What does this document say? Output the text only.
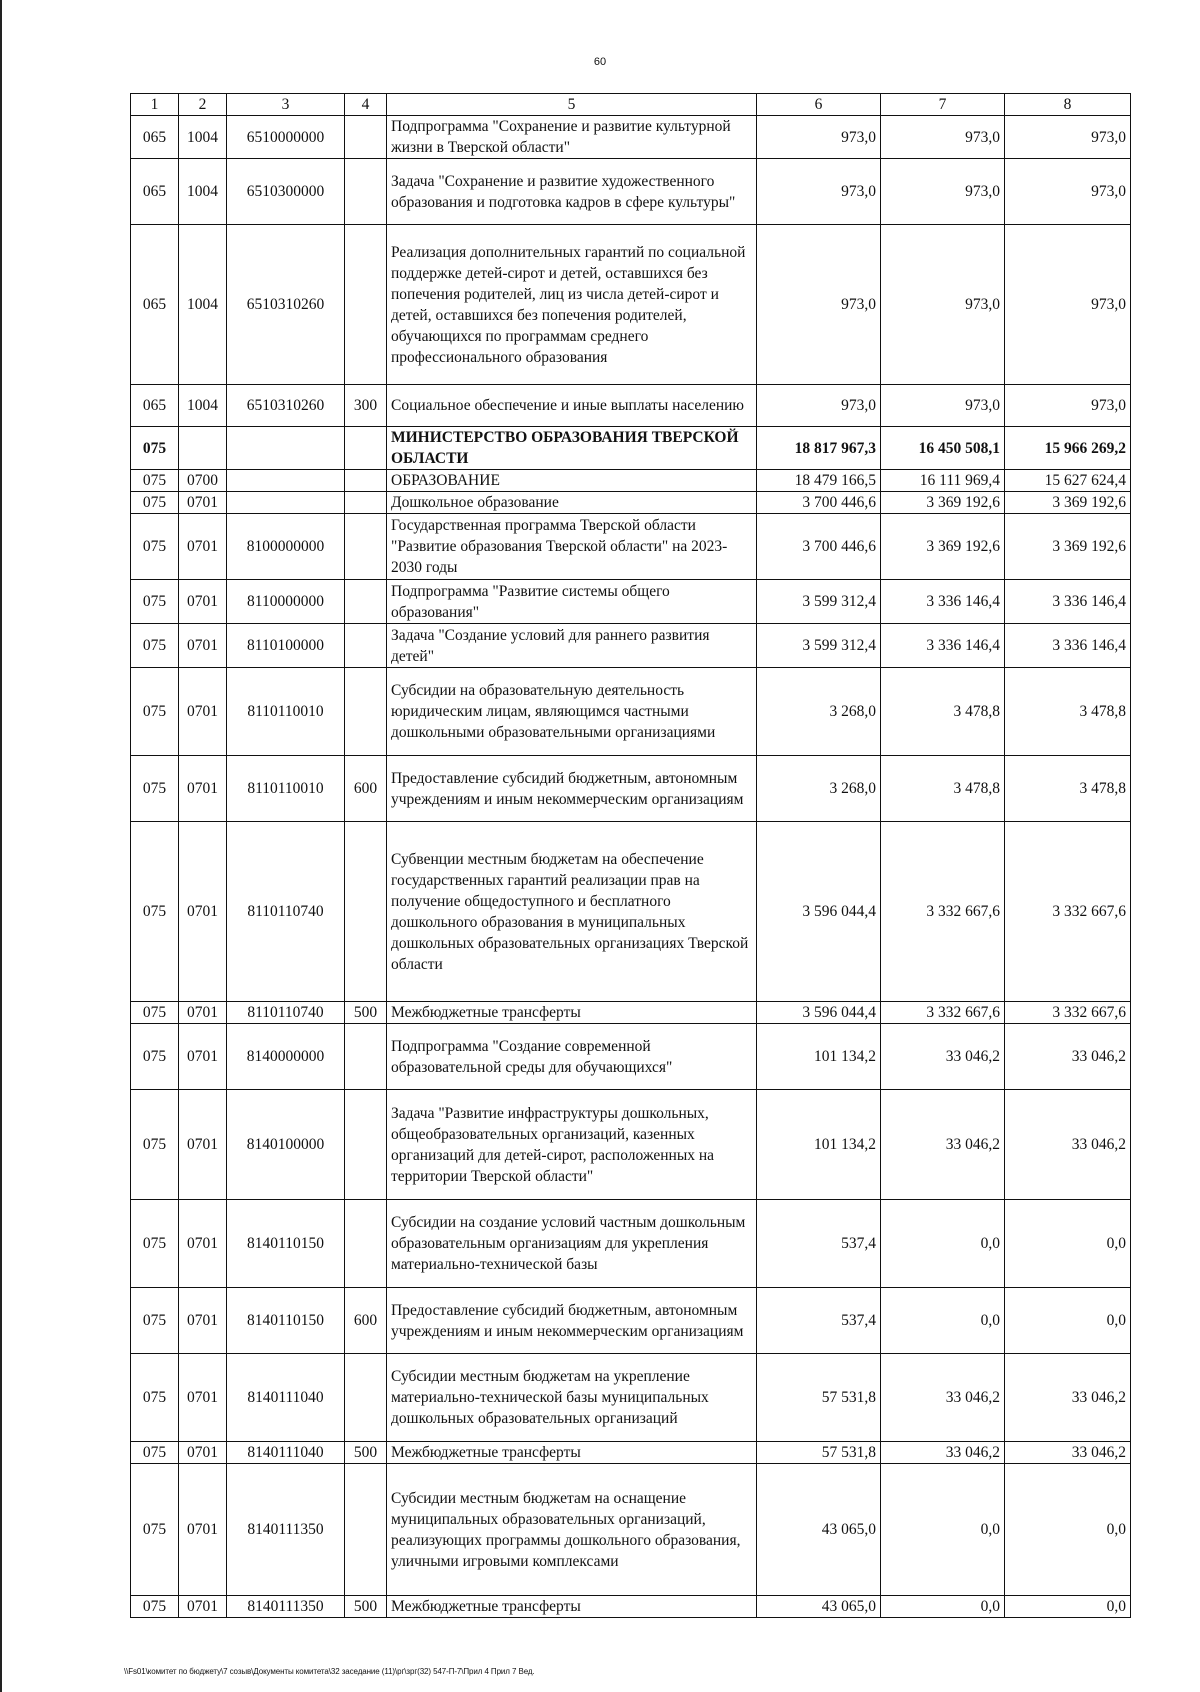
60
1	2	3	4	5	6	7	8
065	1004	6510000000		Подпрограмма "Сохранение и развитие культурной жизни в Тверской области"	973,0	973,0	973,0
065	1004	6510300000		Задача "Сохранение и развитие художественного образования и подготовка кадров в сфере культуры"	973,0	973,0	973,0
065	1004	6510310260		Реализация дополнительных гарантий по социальной поддержке детей-сирот и детей, оставшихся без попечения родителей, лиц из числа детей-сирот и детей, оставшихся без попечения родителей, обучающихся по программам среднего профессионального образования	973,0	973,0	973,0
065	1004	6510310260	300	Социальное обеспечение и иные выплаты населению	973,0	973,0	973,0
075				МИНИСТЕРСТВО ОБРАЗОВАНИЯ ТВЕРСКОЙ ОБЛАСТИ	18 817 967,3	16 450 508,1	15 966 269,2
075	0700			ОБРАЗОВАНИЕ	18 479 166,5	16 111 969,4	15 627 624,4
075	0701			Дошкольное образование	3 700 446,6	3 369 192,6	3 369 192,6
075	0701	8100000000		Государственная программа Тверской области "Развитие образования Тверской области" на 2023-2030 годы	3 700 446,6	3 369 192,6	3 369 192,6
075	0701	8110000000		Подпрограмма "Развитие системы общего образования"	3 599 312,4	3 336 146,4	3 336 146,4
075	0701	8110100000		Задача "Создание условий для раннего развития детей"	3 599 312,4	3 336 146,4	3 336 146,4
075	0701	8110110010		Субсидии на образовательную деятельность юридическим лицам, являющимся частными дошкольными образовательными организациями	3 268,0	3 478,8	3 478,8
075	0701	8110110010	600	Предоставление субсидий бюджетным, автономным учреждениям и иным некоммерческим организациям	3 268,0	3 478,8	3 478,8
075	0701	8110110740		Субвенции местным бюджетам на обеспечение государственных гарантий реализации прав на получение общедоступного и бесплатного дошкольного образования в муниципальных дошкольных образовательных организациях Тверской области	3 596 044,4	3 332 667,6	3 332 667,6
075	0701	8110110740	500	Межбюджетные трансферты	3 596 044,4	3 332 667,6	3 332 667,6
075	0701	8140000000		Подпрограмма "Создание современной образовательной среды для обучающихся"	101 134,2	33 046,2	33 046,2
075	0701	8140100000		Задача "Развитие инфраструктуры дошкольных, общеобразовательных организаций, казенных организаций для детей-сирот, расположенных на территории Тверской области"	101 134,2	33 046,2	33 046,2
075	0701	8140110150		Субсидии на создание условий частным дошкольным образовательным организациям для укрепления материально-технической базы	537,4	0,0	0,0
075	0701	8140110150	600	Предоставление субсидий бюджетным, автономным учреждениям и иным некоммерческим организациям	537,4	0,0	0,0
075	0701	8140111040		Субсидии местным бюджетам на укрепление материально-технической базы муниципальных дошкольных образовательных организаций	57 531,8	33 046,2	33 046,2
075	0701	8140111040	500	Межбюджетные трансферты	57 531,8	33 046,2	33 046,2
075	0701	8140111350		Субсидии местным бюджетам на оснащение муниципальных образовательных организаций, реализующих программы дошкольного образования, уличными игровыми комплексами	43 065,0	0,0	0,0
075	0701	8140111350	500	Межбюджетные трансферты	43 065,0	0,0	0,0
\\Fs01\комитет по бюджету\7 созыв\Документы комитета\32 заседание (11)\рг\зрг(32) 547-П-7\Прил 4 Прил 7 Вед.
